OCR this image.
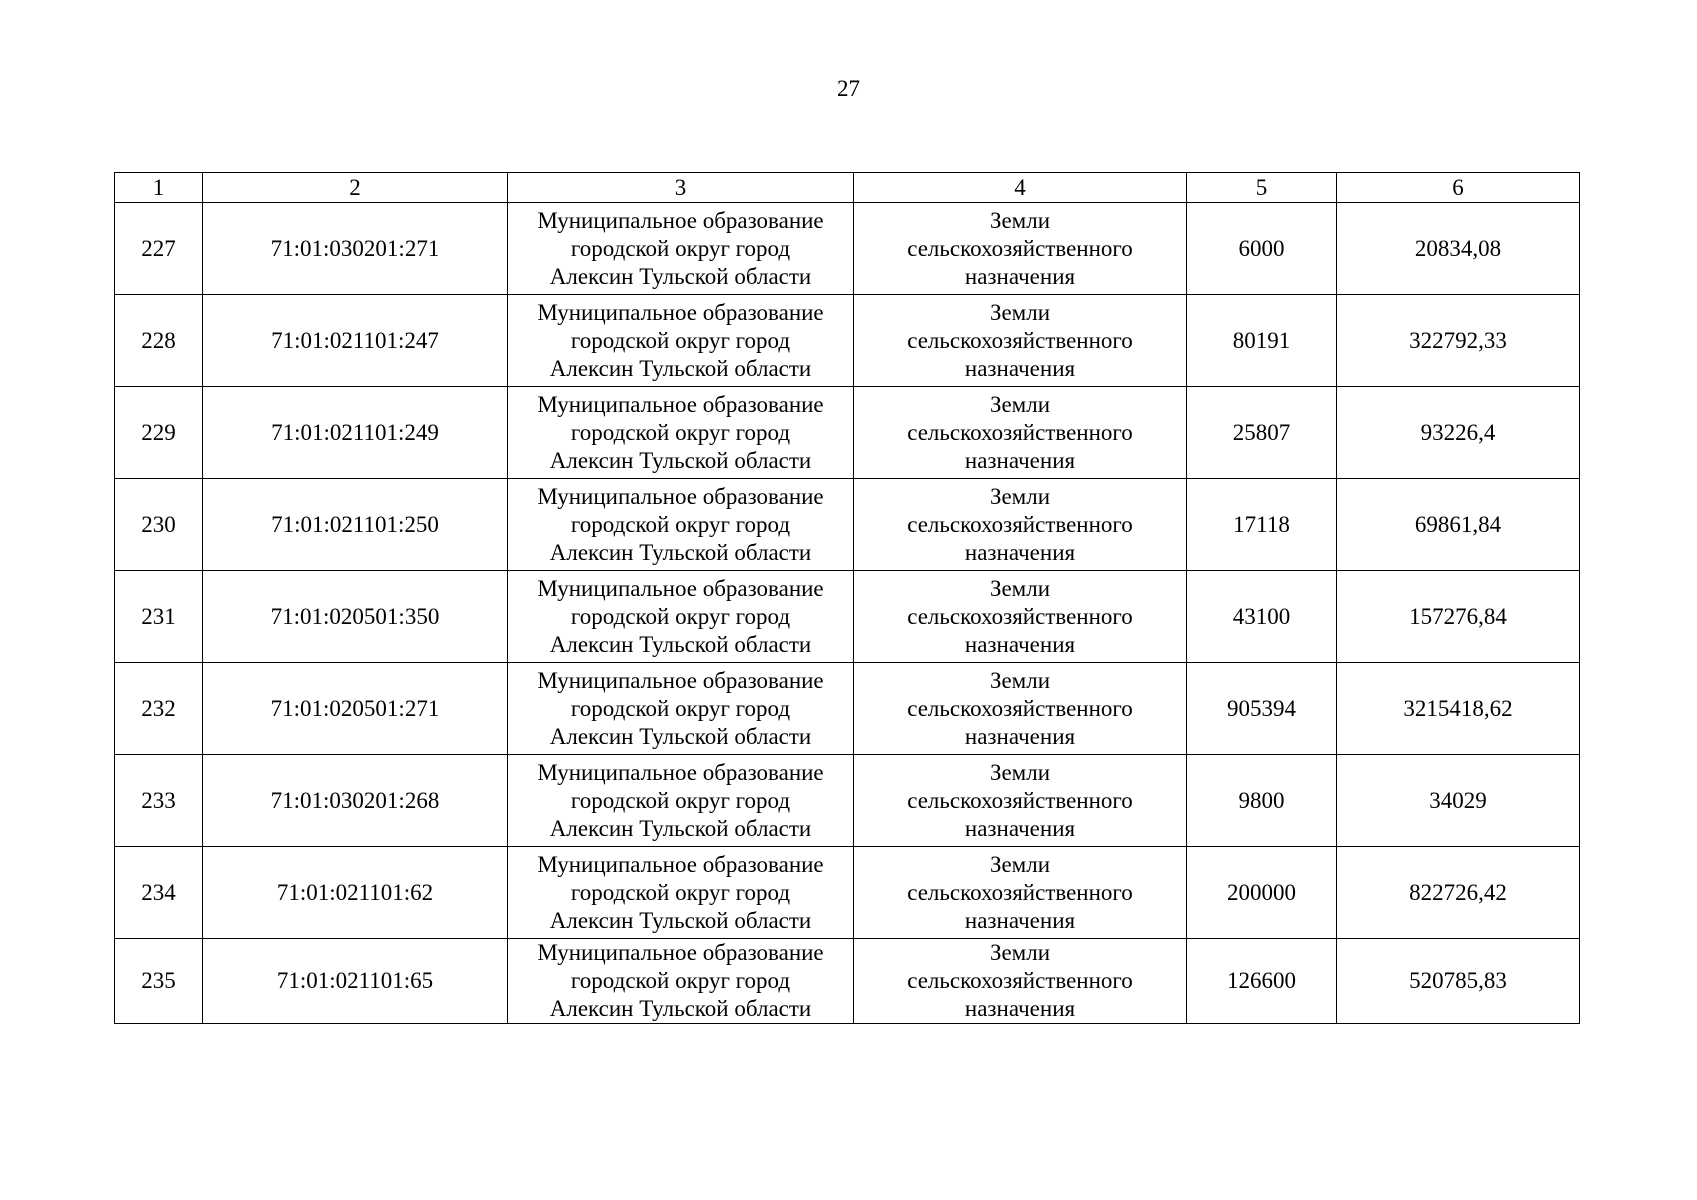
27
1	2	3	4	5	6
227	71:01:030201:271	Муниципальное образование
городской округ город
Алексин Тульской области	Земли
сельскохозяйственного
назначения	6000	20834,08
228	71:01:021101:247	Муниципальное образование
городской округ город
Алексин Тульской области	Земли
сельскохозяйственного
назначения	80191	322792,33
229	71:01:021101:249	Муниципальное образование
городской округ город
Алексин Тульской области	Земли
сельскохозяйственного
назначения	25807	93226,4
230	71:01:021101:250	Муниципальное образование
городской округ город
Алексин Тульской области	Земли
сельскохозяйственного
назначения	17118	69861,84
231	71:01:020501:350	Муниципальное образование
городской округ город
Алексин Тульской области	Земли
сельскохозяйственного
назначения	43100	157276,84
232	71:01:020501:271	Муниципальное образование
городской округ город
Алексин Тульской области	Земли
сельскохозяйственного
назначения	905394	3215418,62
233	71:01:030201:268	Муниципальное образование
городской округ город
Алексин Тульской области	Земли
сельскохозяйственного
назначения	9800	34029
234	71:01:021101:62	Муниципальное образование
городской округ город
Алексин Тульской области	Земли
сельскохозяйственного
назначения	200000	822726,42
235	71:01:021101:65	Муниципальное образование
городской округ город
Алексин Тульской области	Земли
сельскохозяйственного
назначения	126600	520785,83
